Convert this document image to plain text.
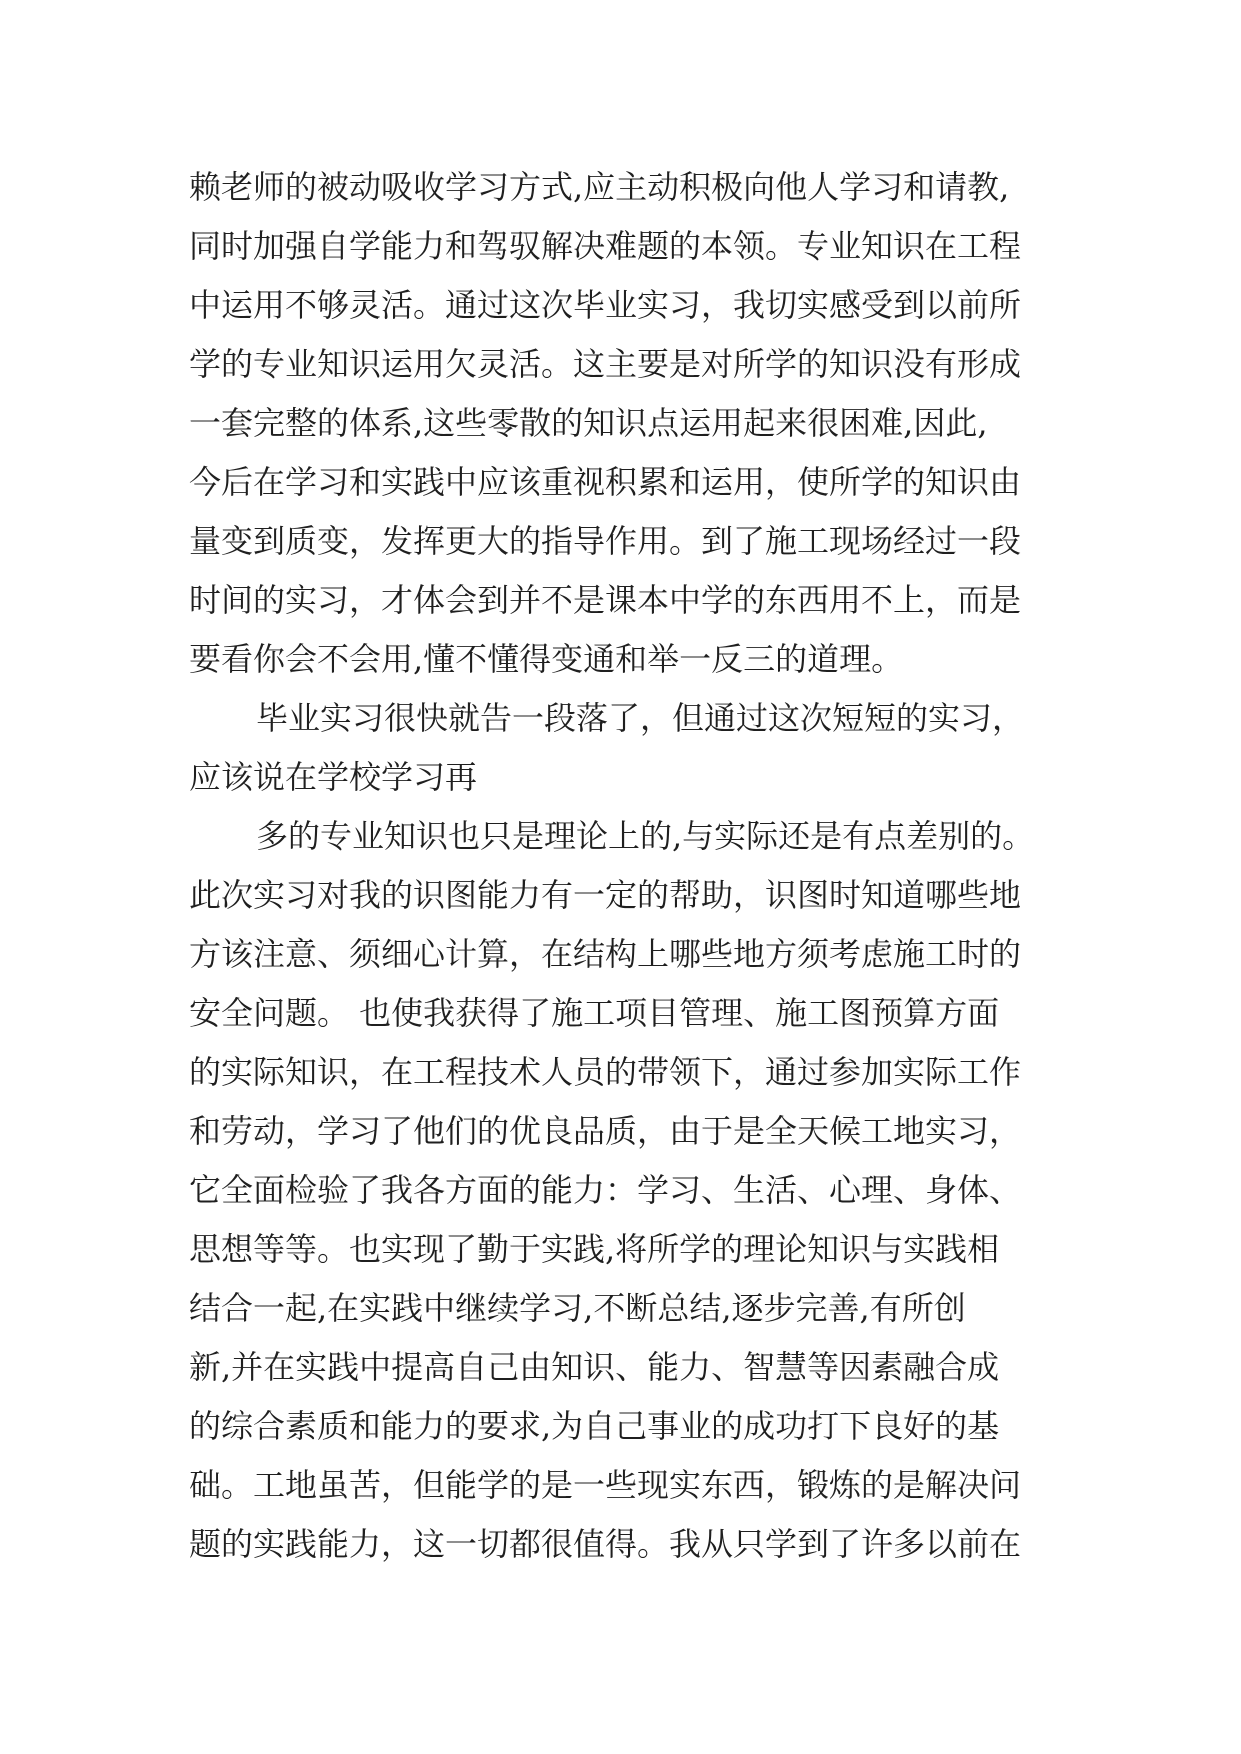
赖老师的被动吸收学习方式,应主动积极向他人学习和请教,

同时加强自学能力和驾驭解决难题的本领。专业知识在工程

中运用不够灵活。通过这次毕业实习，我切实感受到以前所

学的专业知识运用欠灵活。这主要是对所学的知识没有形成

一套完整的体系,这些零散的知识点运用起来很困难,因此,

今后在学习和实践中应该重视积累和运用，使所学的知识由

量变到质变，发挥更大的指导作用。到了施工现场经过一段

时间的实习，才体会到并不是课本中学的东西用不上，而是

要看你会不会用,懂不懂得变通和举一反三的道理。

毕业实习很快就告一段落了，但通过这次短短的实习，

应该说在学校学习再

多的专业知识也只是理论上的,与实际还是有点差别的。

此次实习对我的识图能力有一定的帮助，识图时知道哪些地

方该注意、须细心计算，在结构上哪些地方须考虑施工时的

安全问题。 也使我获得了施工项目管理、施工图预算方面

的实际知识，在工程技术人员的带领下，通过参加实际工作

和劳动，学习了他们的优良品质，由于是全天候工地实习，

它全面检验了我各方面的能力：学习、生活、心理、身体、

思想等等。也实现了勤于实践,将所学的理论知识与实践相

结合一起,在实践中继续学习,不断总结,逐步完善,有所创

新,并在实践中提高自己由知识、能力、智慧等因素融合成

的综合素质和能力的要求,为自己事业的成功打下良好的基

础。工地虽苦，但能学的是一些现实东西，锻炼的是解决问

题的实践能力，这一切都很值得。我从只学到了许多以前在
